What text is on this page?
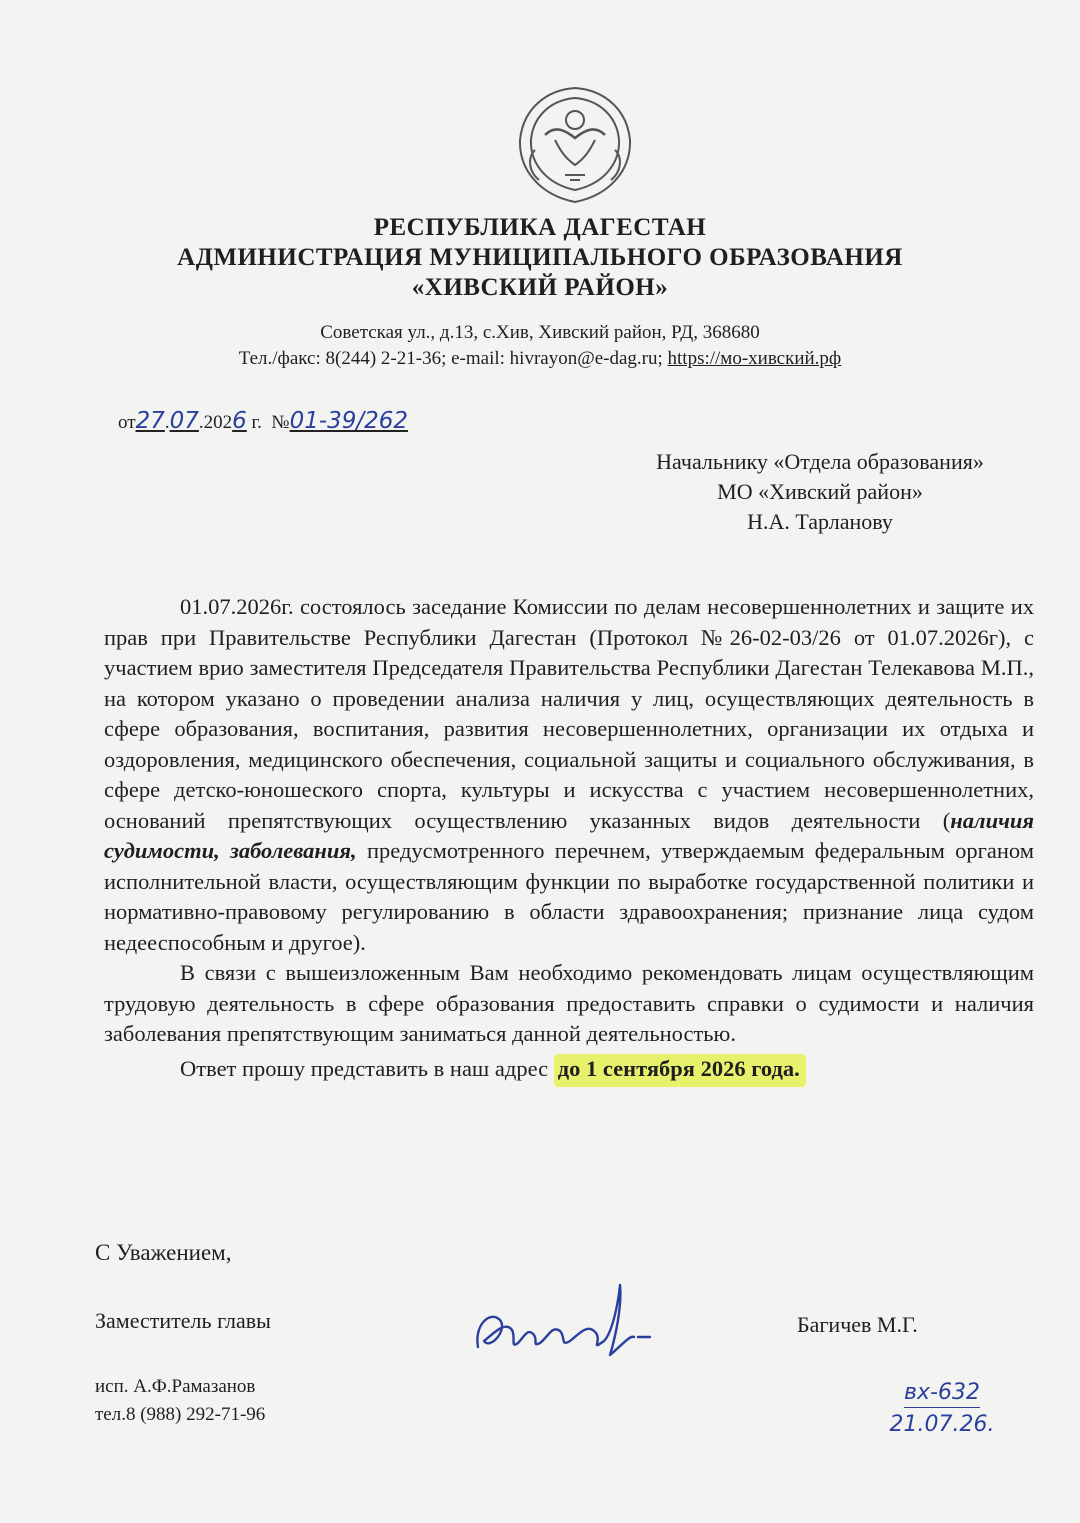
РЕСПУБЛИКА ДАГЕСТАН
АДМИНИСТРАЦИЯ МУНИЦИПАЛЬНОГО ОБРАЗОВАНИЯ
«ХИВСКИЙ РАЙОН»
Советская ул., д.13, с.Хив, Хивский район, РД, 368680
Тел./факс: 8(244) 2-21-36; e-mail: hivrayon@e-dag.ru; https://мо-хивский.рф
от27.07.2026 г. №01-39/262
Начальнику «Отдела образования»
МО «Хивский район»
Н.А. Тарланову

01.07.2026г. состоялось заседание Комиссии по делам несовершеннолетних и защите их прав при Правительстве Республики Дагестан (Протокол №26-02-03/26 от 01.07.2026г), с участием врио заместителя Председателя Правительства Республики Дагестан Телекавова М.П., на котором указано о проведении анализа наличия у лиц, осуществляющих деятельность в сфере образования, воспитания, развития несовершеннолетних, организации их отдыха и оздоровления, медицинского обеспечения, социальной защиты и социального обслуживания, в сфере детско-юношеского спорта, культуры и искусства с участием несовершеннолетних, оснований препятствующих осуществлению указанных видов деятельности (наличия судимости, заболевания, предусмотренного перечнем, утверждаемым федеральным органом исполнительной власти, осуществляющим функции по выработке государственной политики и нормативно-правовому регулированию в области здравоохранения; признание лица судом недееспособным и другое).

В связи с вышеизложенным Вам необходимо рекомендовать лицам осуществляющим трудовую деятельность в сфере образования предоставить справки о судимости и наличия заболевания препятствующим заниматься данной деятельностью.

Ответ прошу представить в наш адрес до 1 сентября 2026 года.

С Уважением,
Заместитель главы	Багичев М.Г.
исп. А.Ф.Рамазанов
тел.8 (988) 292-71-96
вх-632
21.07.26.
